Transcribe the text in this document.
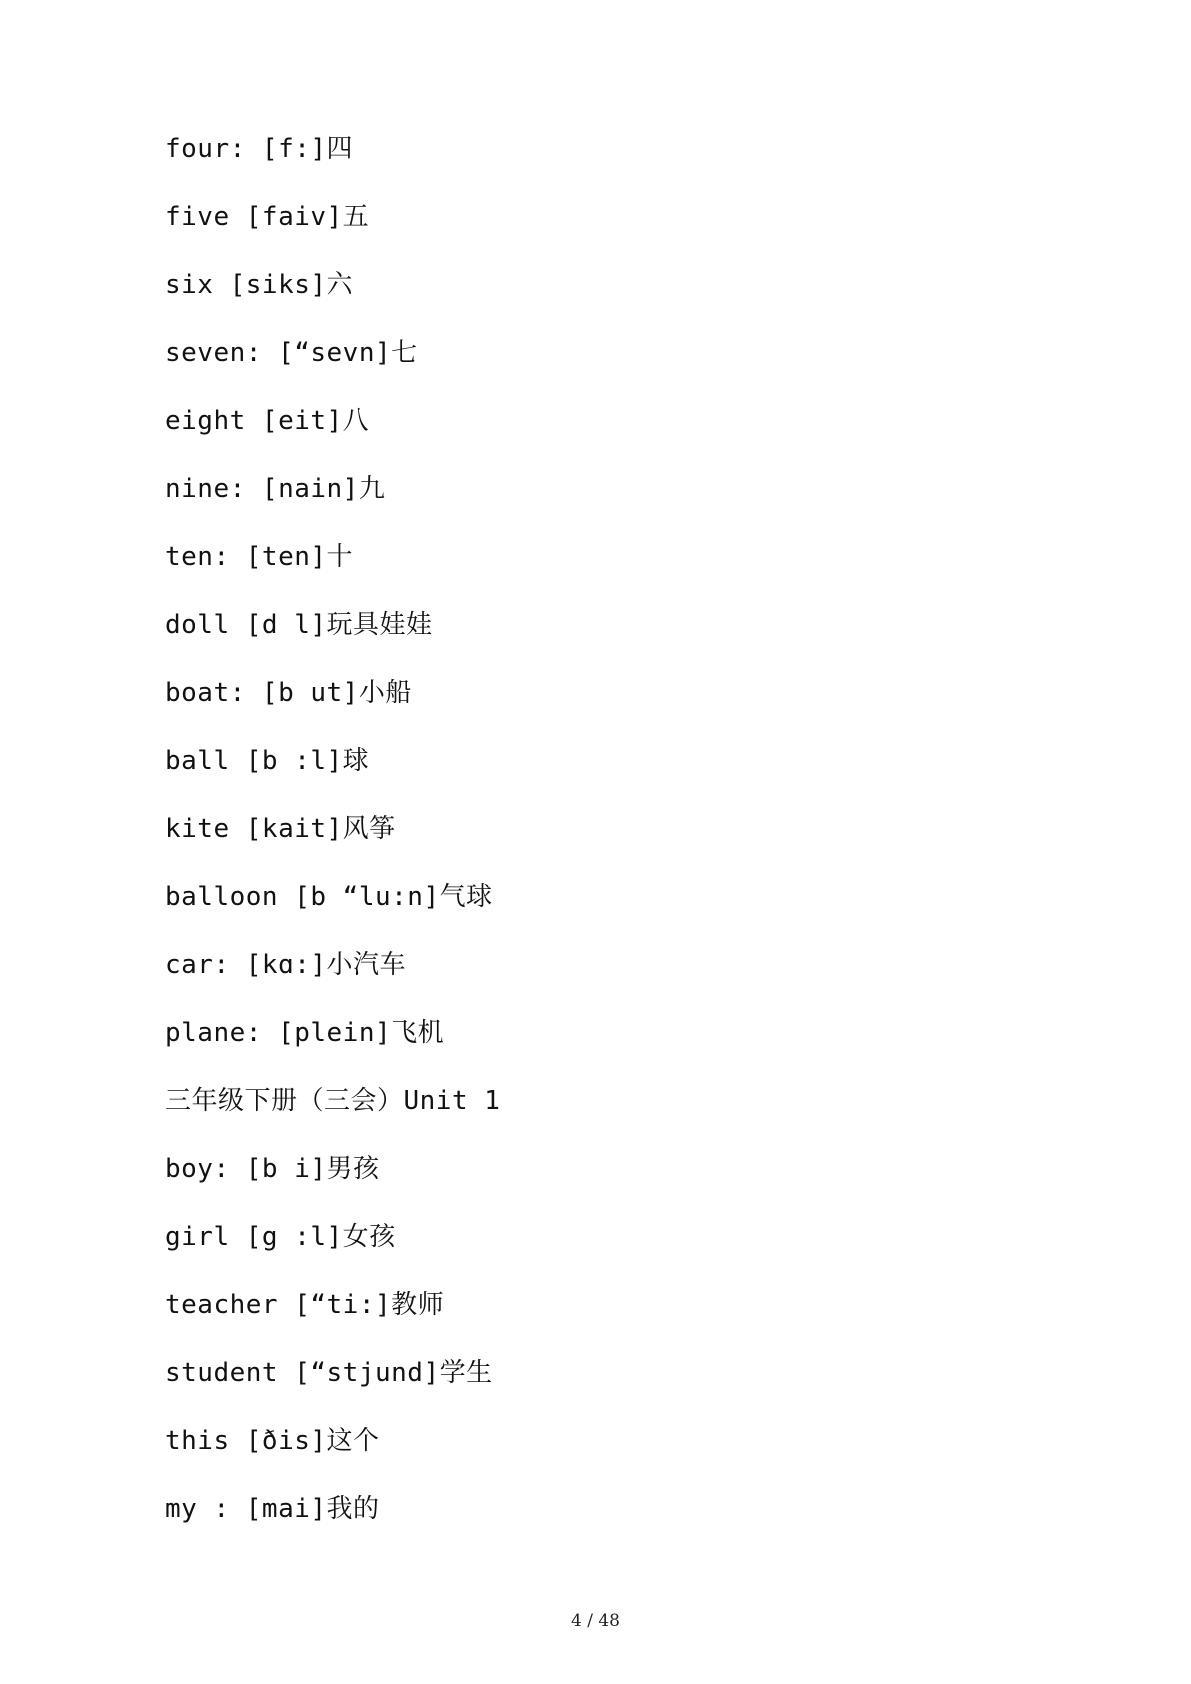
four: [f:]四
five [faiv]五
six [siks]六
seven: [“sevn]七
eight [eit]八
nine: [nain]九
ten: [ten]十
doll [d l]玩具娃娃
boat: [b ut]小船
ball [b :l]球
kite [kait]风筝
balloon [b “lu:n]气球
car: [kɑ:]小汽车
plane: [plein]飞机
三年级下册（三会）Unit 1
boy: [b i]男孩
girl [g :l]女孩
teacher [“ti:]教师
student [“stjund]学生
this [ðis]这个
my : [mai]我的
4 / 48
